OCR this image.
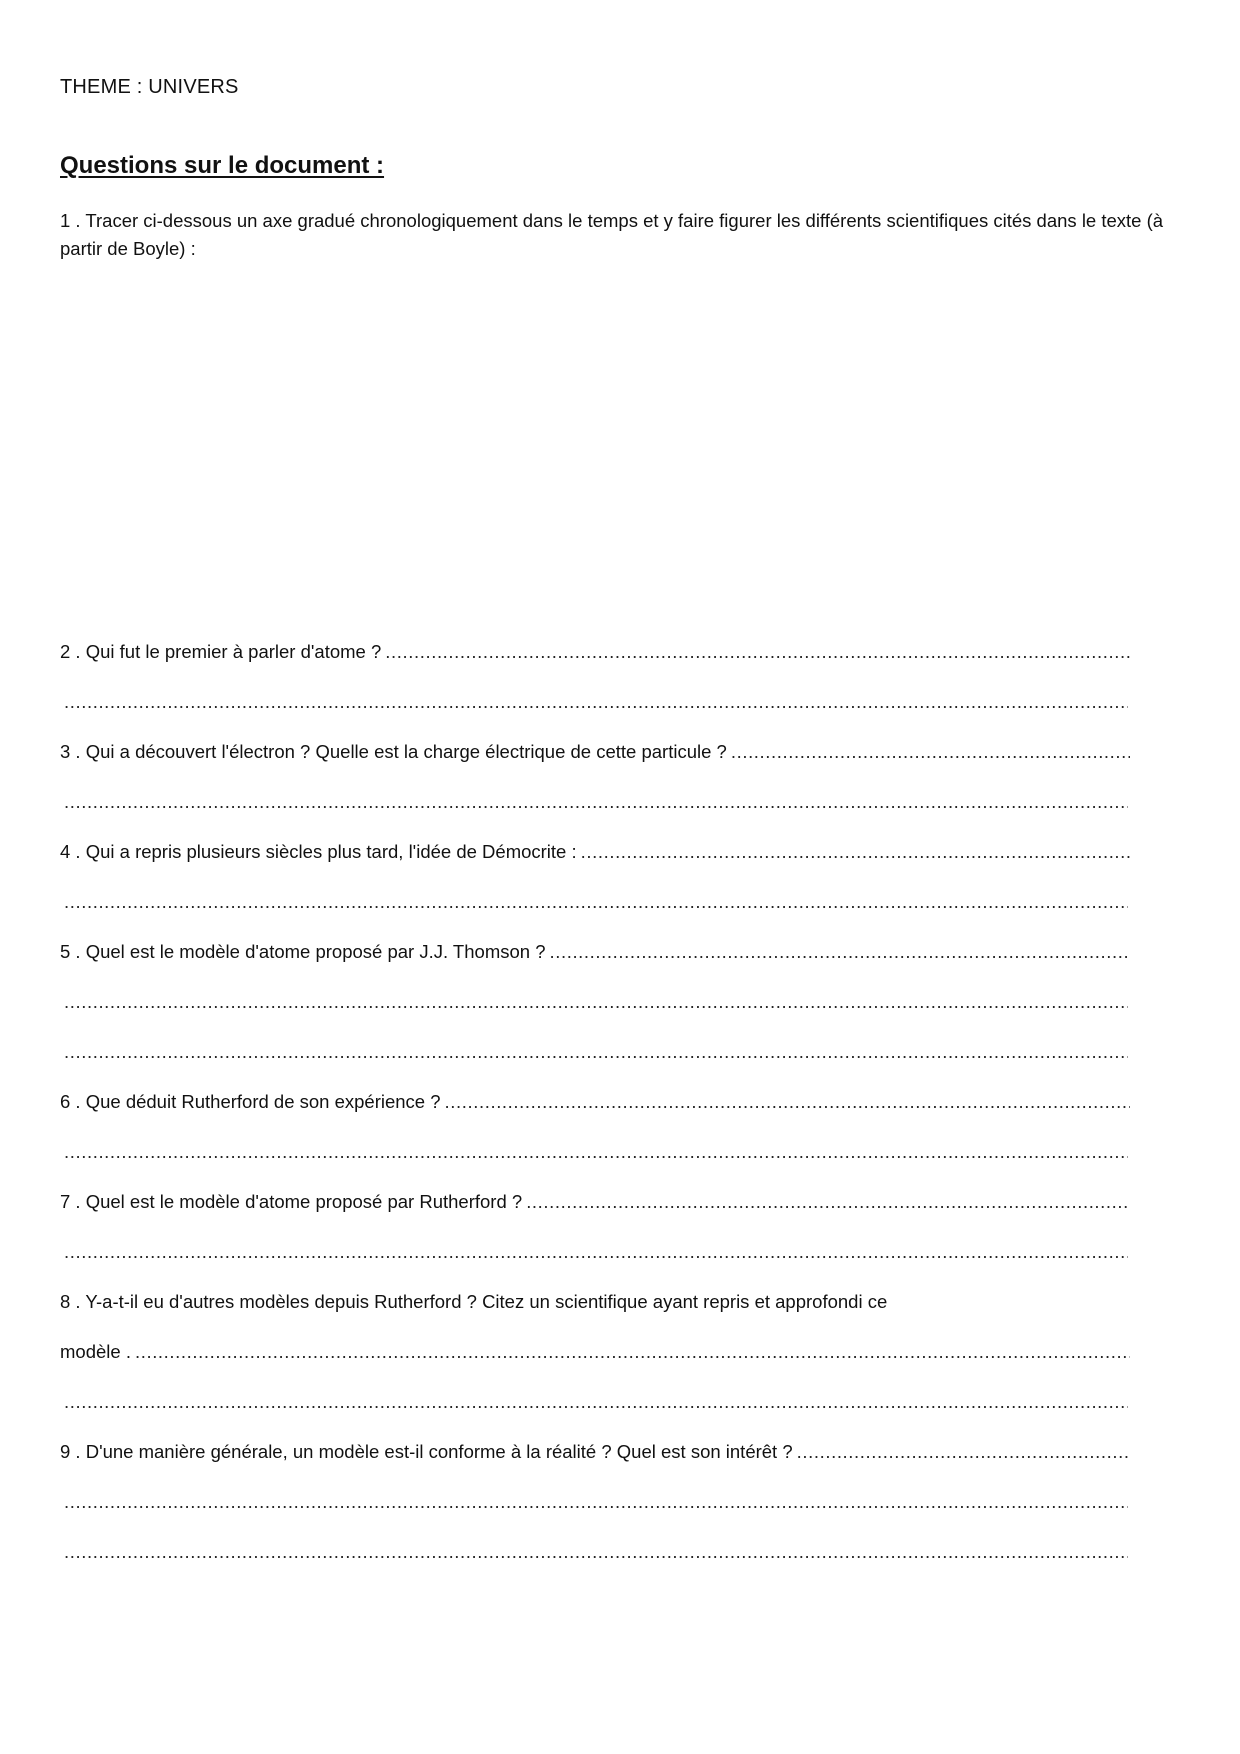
THEME : UNIVERS
Questions sur le document :
1 . Tracer ci-dessous un axe gradué chronologiquement dans le temps et y faire figurer les différents scientifiques cités dans le texte (à partir de Boyle) :
2 . Qui fut le premier à parler d'atome ?
.....
.....
3 . Qui a découvert l'électron ? Quelle est la charge électrique de cette particule ?
.....
.....
4 . Qui a repris plusieurs siècles plus tard, l'idée de Démocrite :
.....
.....
5 . Quel est le modèle d'atome proposé par J.J. Thomson ?
.....
.....
.....
6 . Que déduit Rutherford de son expérience ?
.....
.....
7 . Quel est le modèle d'atome proposé par Rutherford ?
.....
.....
8 . Y-a-t-il eu d'autres modèles depuis Rutherford ? Citez un scientifique ayant repris et approfondi ce
modèle .
.....
.....
9 . D'une manière générale, un modèle est-il conforme à la réalité ? Quel est son intérêt ?
.....
.....
.....
